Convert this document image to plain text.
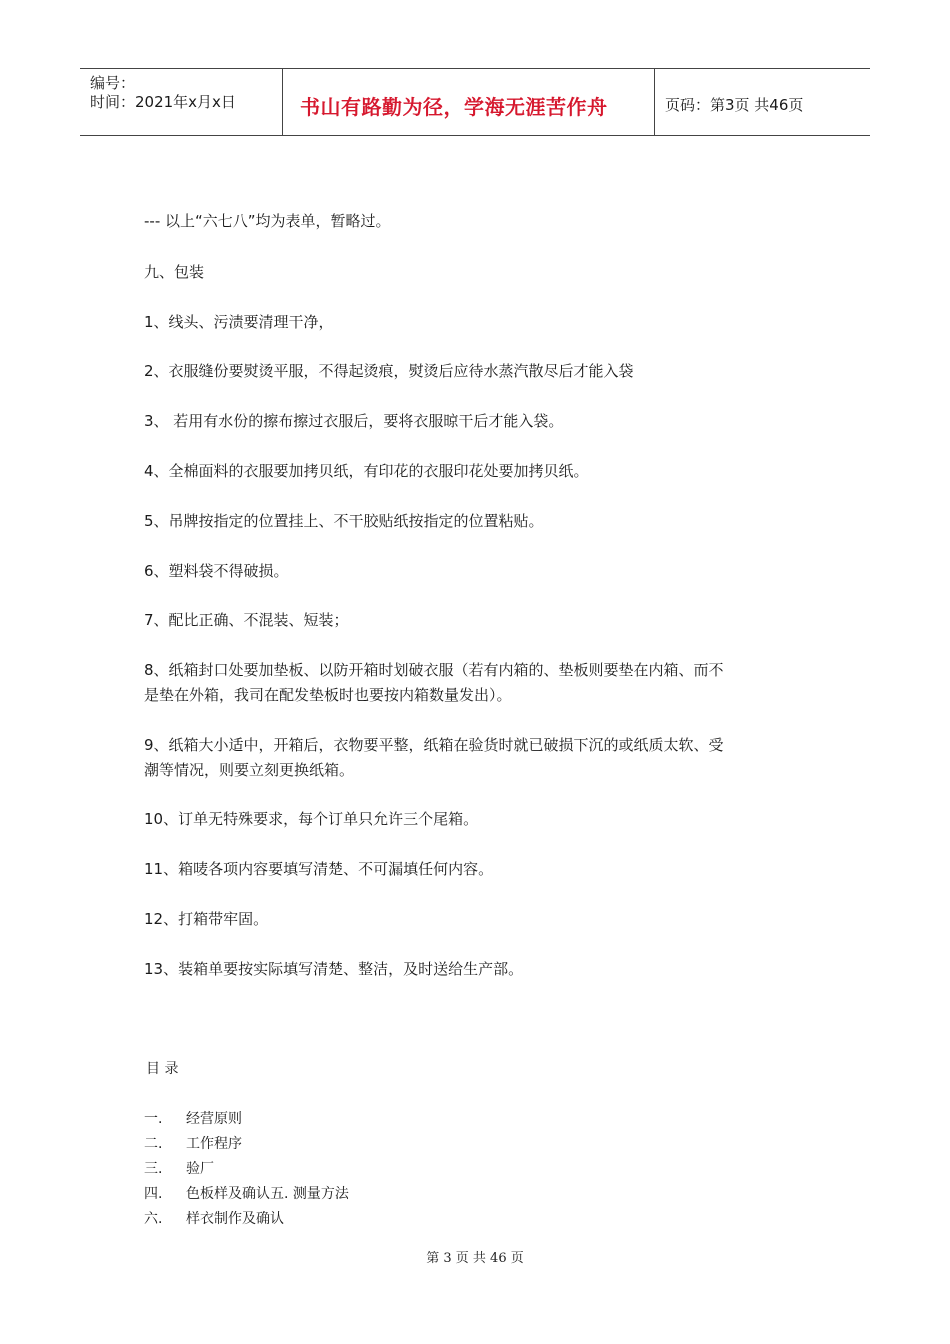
编号：
时间：2021年x月x日	书山有路勤为径，学海无涯苦作舟	页码：第3页 共46页
--- 以上“六七八”均为表单，暂略过。
九、包装
1、线头、污渍要清理干净，
2、衣服缝份要熨烫平服，不得起烫痕，熨烫后应待水蒸汽散尽后才能入袋
3、 若用有水份的擦布擦过衣服后，要将衣服晾干后才能入袋。
4、全棉面料的衣服要加拷贝纸，有印花的衣服印花处要加拷贝纸。
5、吊牌按指定的位置挂上、不干胶贴纸按指定的位置粘贴。
6、塑料袋不得破损。
7、配比正确、不混装、短装；
8、纸箱封口处要加垫板、以防开箱时划破衣服（若有内箱的、垫板则要垫在内箱、而不
是垫在外箱，我司在配发垫板时也要按内箱数量发出）。
9、纸箱大小适中，开箱后，衣物要平整，纸箱在验货时就已破损下沉的或纸质太软、受
潮等情况，则要立刻更换纸箱。
10、订单无特殊要求，每个订单只允许三个尾箱。
11、箱唛各项内容要填写清楚、不可漏填任何内容。
12、打箱带牢固。
13、装箱单要按实际填写清楚、整洁，及时送给生产部。
目 录
一. 经营原则
二. 工作程序
三. 验厂
四. 色板样及确认五. 测量方法
六. 样衣制作及确认
第 3 页 共 46 页
